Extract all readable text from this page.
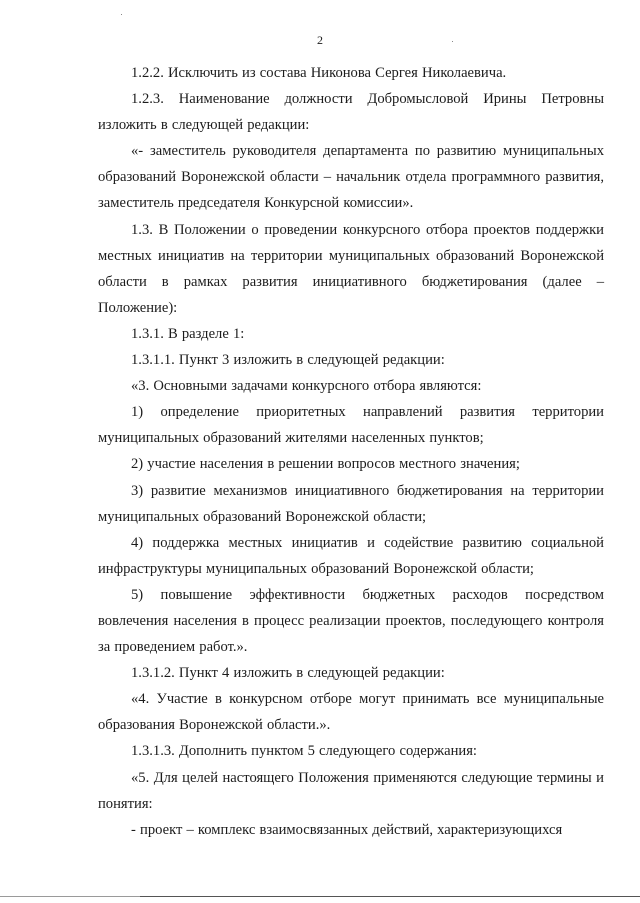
2

1.2.2. Исключить из состава Никонова Сергея Николаевича.

1.2.3. Наименование должности Добромысловой Ирины Петровны изложить в следующей редакции:

«- заместитель руководителя департамента по развитию муниципальных образований Воронежской области – начальник отдела программного развития, заместитель председателя Конкурсной комиссии».

1.3. В Положении о проведении конкурсного отбора проектов поддержки местных инициатив на территории муниципальных образований Воронежской области в рамках развития инициативного бюджетирования (далее – Положение):

1.3.1. В разделе 1:

1.3.1.1. Пункт 3 изложить в следующей редакции:

«3. Основными задачами конкурсного отбора являются:

1) определение приоритетных направлений развития территории муниципальных образований жителями населенных пунктов;

2) участие населения в решении вопросов местного значения;

3) развитие механизмов инициативного бюджетирования на территории муниципальных образований Воронежской области;

4) поддержка местных инициатив и содействие развитию социальной инфраструктуры муниципальных образований Воронежской области;

5) повышение эффективности бюджетных расходов посредством вовлечения населения в процесс реализации проектов, последующего контроля за проведением работ.».

1.3.1.2. Пункт 4 изложить в следующей редакции:

«4. Участие в конкурсном отборе могут принимать все муниципальные образования Воронежской области.».

1.3.1.3. Дополнить пунктом 5 следующего содержания:

«5. Для целей настоящего Положения применяются следующие термины и понятия:

- проект – комплекс взаимосвязанных действий, характеризующихся
